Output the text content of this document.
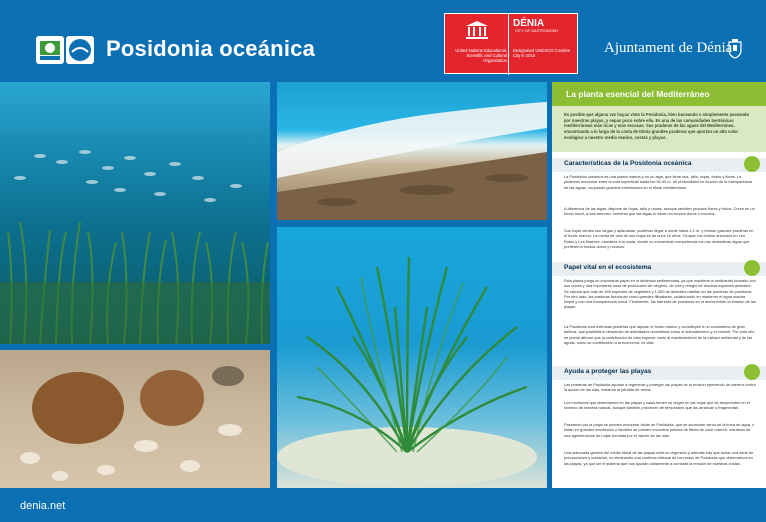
Posidonia oceánica	United Nations Educational, Scientific and Cultural Organization
DÉNIA
CITY OF GASTRONOMY
Designated UNESCO Creative City in 2015	Ajuntament de Dénia
La planta esencial del Mediterráneo
Es posible que alguna vez hayas visto la Posidonia, bien buceando o simplemente paseando por nuestras playas, y sepas poco sobre ella. Es una de las comunidades bentónicas mediterráneas más ricas y más escasas. Sus praderas de las aguas del Mediterráneo, encontrando a lo largo de la costa de Dénia grandes praderas que aportan un alto valor ecológico a nuestro medio marino, costas y playas.
Características de la Posidonia oceánica
La Posidonia oceánica es una planta marina y no un alga, que tiene raíz, tallo, hojas, frutos y flores. La podemos encontrar entre la cota superficial hasta los 30-40 m. de profundidad en función de la transparencia de las aguas, ocupando grandes extensiones en el litoral mediterráneo.
A diferencia de las algas, dispone de hojas, tallo y raíces, aunque también produce flores y frutos. Crece en un fondo móvil, a sea arenoso, mientras que las algas lo hacen en fondos duros o rocosos.
Sus hojas verdes son largas y aplanadas, pudiendo llegar a medir hasta 1,2 m. y forman grandes praderas en el fondo marino. La media de vida de sus hojas es de unos 10 años. Ocupan los fondos arenosos en Les Rotes y Les Marines, cercanos a la costa, donde no encuentran competencia con las verdaderas algas que prefieren a fondos duros y rocosos.
Papel vital en el ecosistema
Esta planta juega un importante papel en la dinámica sedimentaria, ya que mantiene el sedimento formado con sus raíces y una importante zona de producción de oxígeno, de cría y refugio de muchas especies animales. Se calcula que más de 400 especies de vegetales y 1.000 de animales habitan en las praderas de posidonia. Por otro lado, las praderas funcionan como grandes filtradores, colaborando en mantener el agua marina limpia y con una transparencia única. Finalmente, las barreras de posidonia en la arena evitan la erosión de las playas.
La Posidonia crea extensas praderas que tapizan el fondo marino y constituyen a un ecosistema de gran belleza, que posibilita el desarrollo de actividades recreativas como el submarinismo y el snorkel. Por todo ello, se puede afirmar que la contribución de esta especie, tanto al mantenimiento de la calidad ambiental y de las aguas, como su contribución a la economía, es vital.
Ayuda a proteger las playas
Las praderas de Posidonia ayudan a regenerar y proteger las playas de la erosión ejerciendo de barrera contra la acción de las olas, evitando la pérdida de arena.
Los montones que observamos en las playas y calas tienen su origen en las hojas que se desprenden en el invierno de manera natural, aunque también provienen de temporales que las arrancan y fragmentan.
Paseando por la playa se pueden encontrar bolas de Posidonia, que se acumulan cerca de la línea de agua, o están en grandes montículos o también se pueden encontrar pelotas de fibras de color marrón, resultado de una aglomeración de hojas formada por el vaivén de las olas.
Una adecuada gestión del medio litoral de las playas evita su regresión y además hay que tomar una serie de precauciones y cuidados, no eliminando una continua retirada de los restos de Posidonia que observamos en las playas, ya que sin el sistema que nos ayudan claramente a combatir la erosión de nuestras costas.
denia.net
